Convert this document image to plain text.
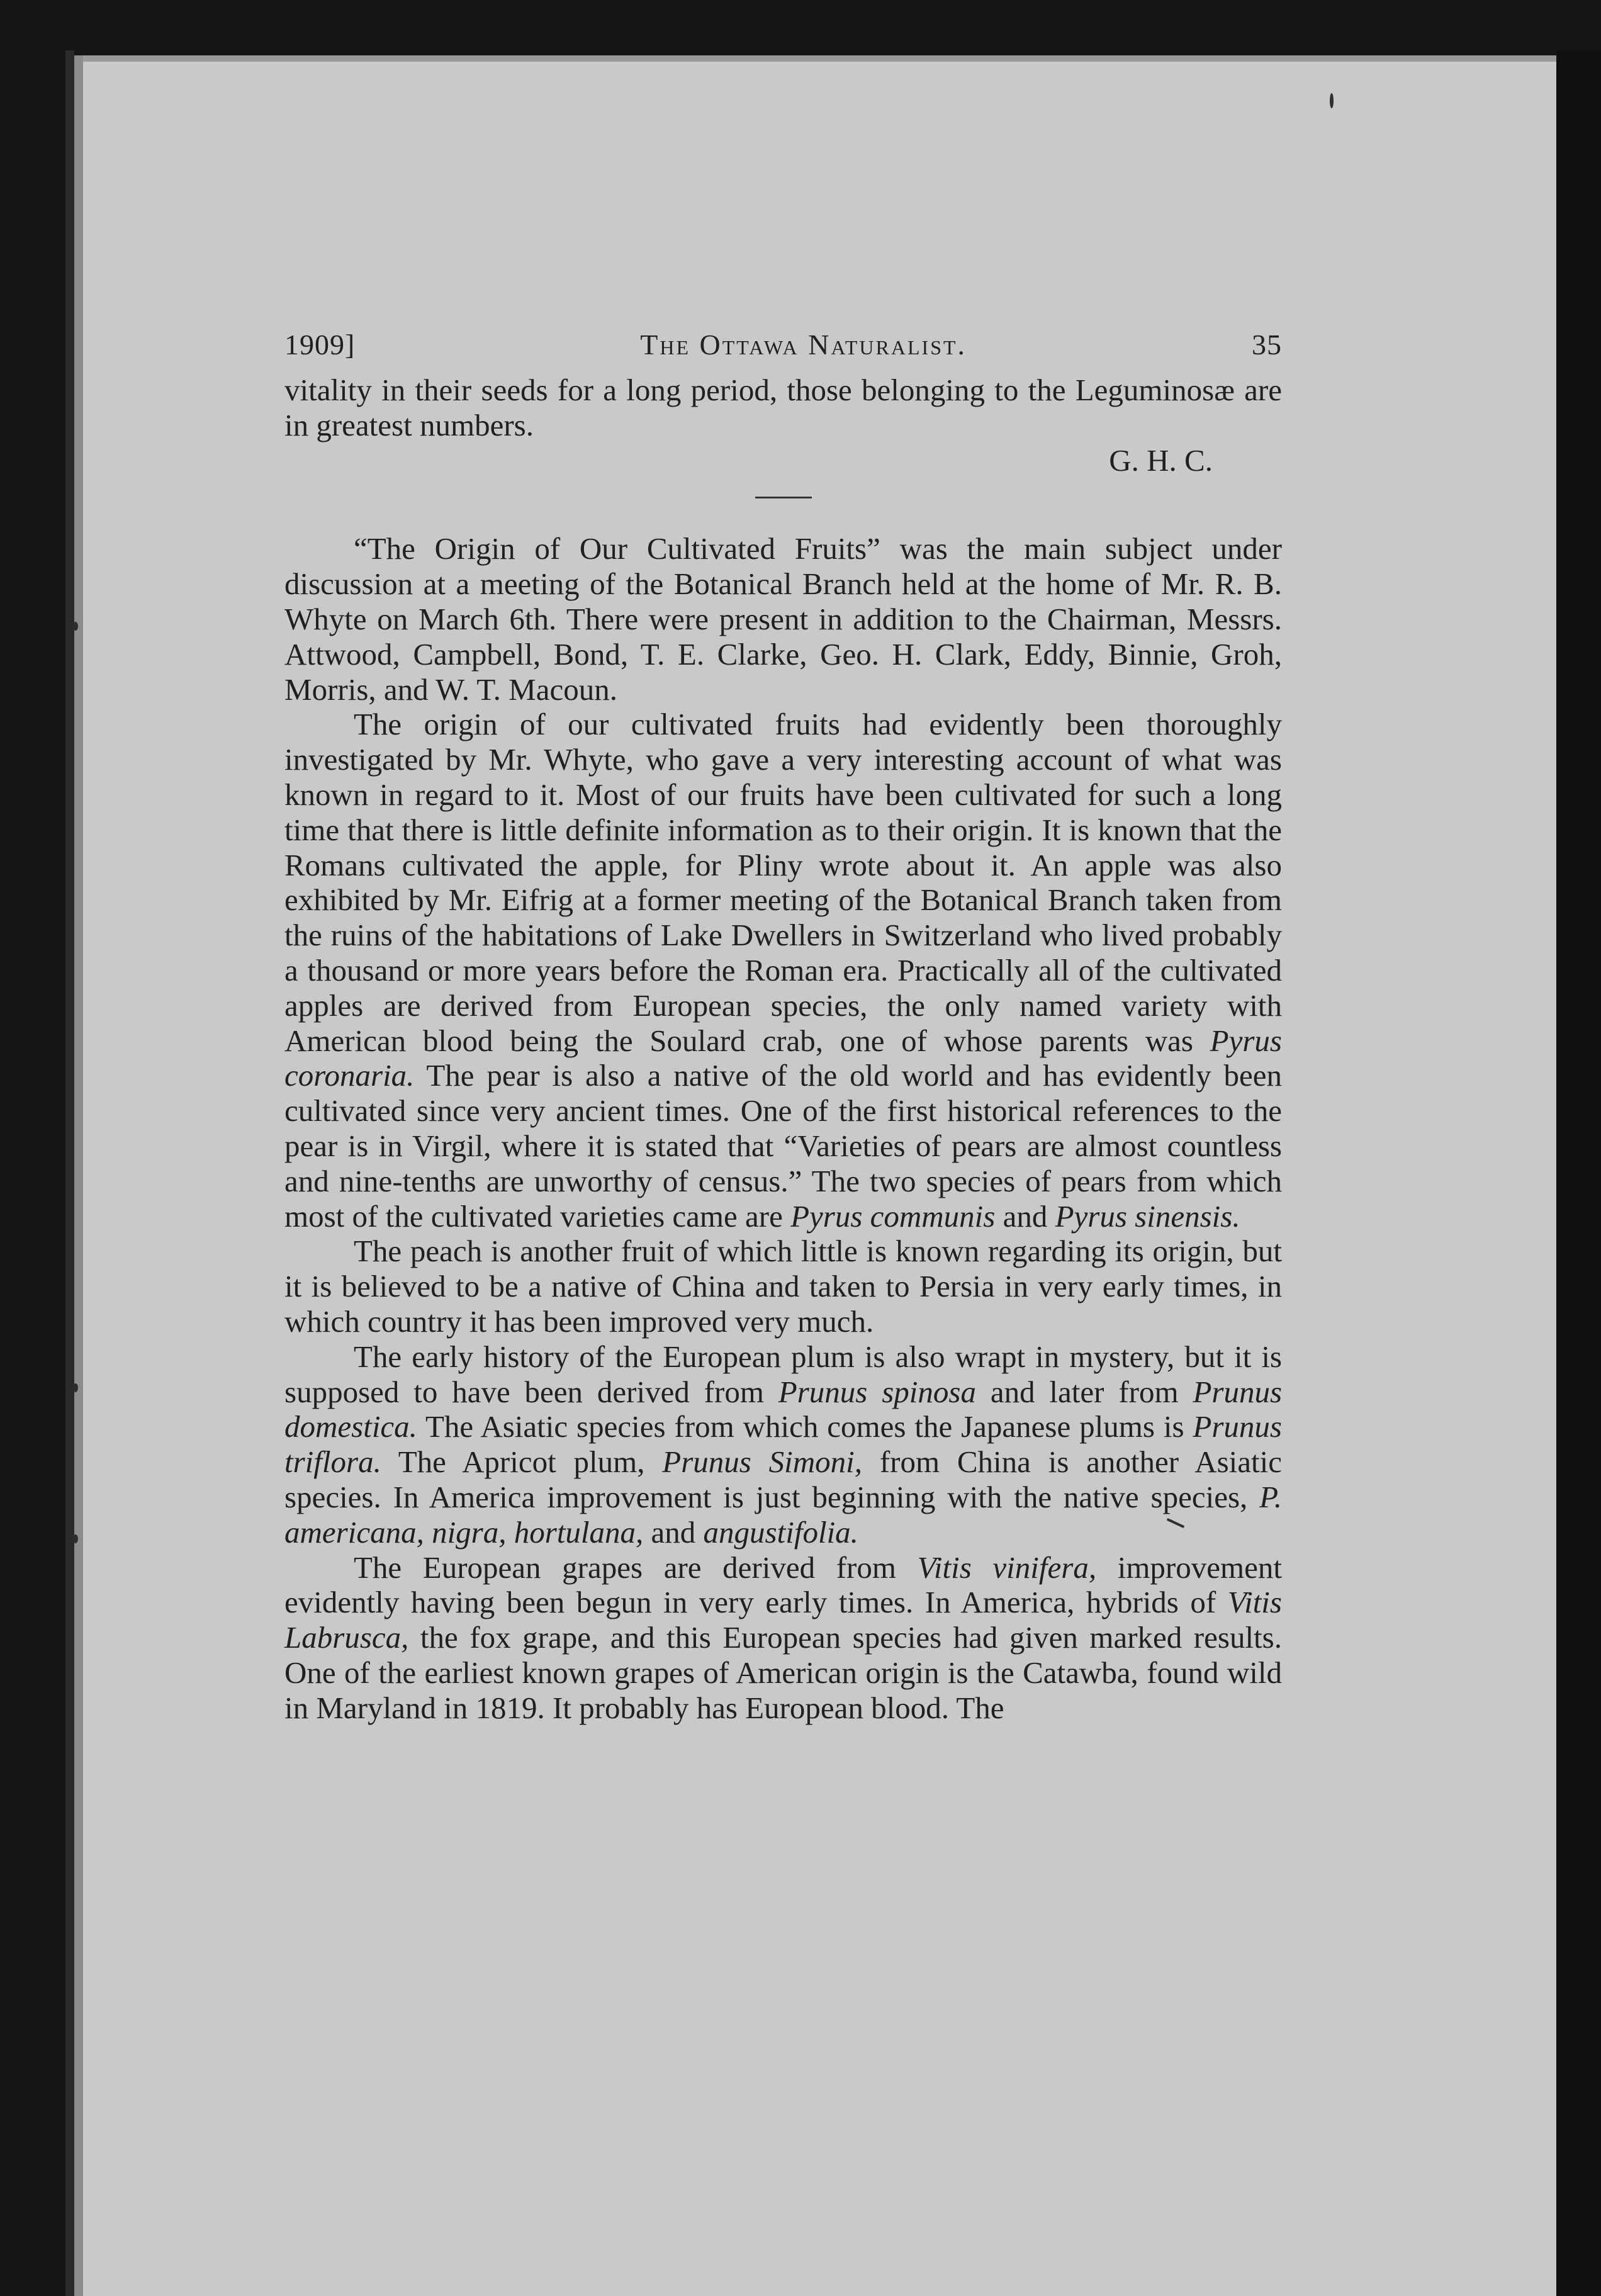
1909]	The Ottawa Naturalist.	35

vitality in their seeds for a long period, those belonging to the Leguminosæ are in greatest numbers.

G. H. C.

“The Origin of Our Cultivated Fruits” was the main subject under discussion at a meeting of the Botanical Branch held at the home of Mr. R. B. Whyte on March 6th. There were present in addition to the Chairman, Messrs. Attwood, Campbell, Bond, T. E. Clarke, Geo. H. Clark, Eddy, Binnie, Groh, Morris, and W. T. Macoun.

The origin of our cultivated fruits had evidently been thoroughly investigated by Mr. Whyte, who gave a very interesting account of what was known in regard to it. Most of our fruits have been cultivated for such a long time that there is little definite information as to their origin. It is known that the Romans cultivated the apple, for Pliny wrote about it. An apple was also exhibited by Mr. Eifrig at a former meeting of the Botanical Branch taken from the ruins of the habitations of Lake Dwellers in Switzerland who lived probably a thousand or more years before the Roman era. Practically all of the cultivated apples are derived from European species, the only named variety with American blood being the Soulard crab, one of whose parents was Pyrus coronaria. The pear is also a native of the old world and has evidently been cultivated since very ancient times. One of the first historical references to the pear is in Virgil, where it is stated that “Varieties of pears are almost countless and nine-tenths are unworthy of census.” The two species of pears from which most of the cultivated varieties came are Pyrus communis and Pyrus sinensis.

The peach is another fruit of which little is known regarding its origin, but it is believed to be a native of China and taken to Persia in very early times, in which country it has been improved very much.

The early history of the European plum is also wrapt in mystery, but it is supposed to have been derived from Prunus spinosa and later from Prunus domestica. The Asiatic species from which comes the Japanese plums is Prunus triflora. The Apricot plum, Prunus Simoni, from China is another Asiatic species. In America improvement is just beginning with the native species, P. americana, nigra, hortulana, and angustifolia.

The European grapes are derived from Vitis vinifera, improvement evidently having been begun in very early times. In America, hybrids of Vitis Labrusca, the fox grape, and this European species had given marked results. One of the earliest known grapes of American origin is the Catawba, found wild in Maryland in 1819. It probably has European blood. The
